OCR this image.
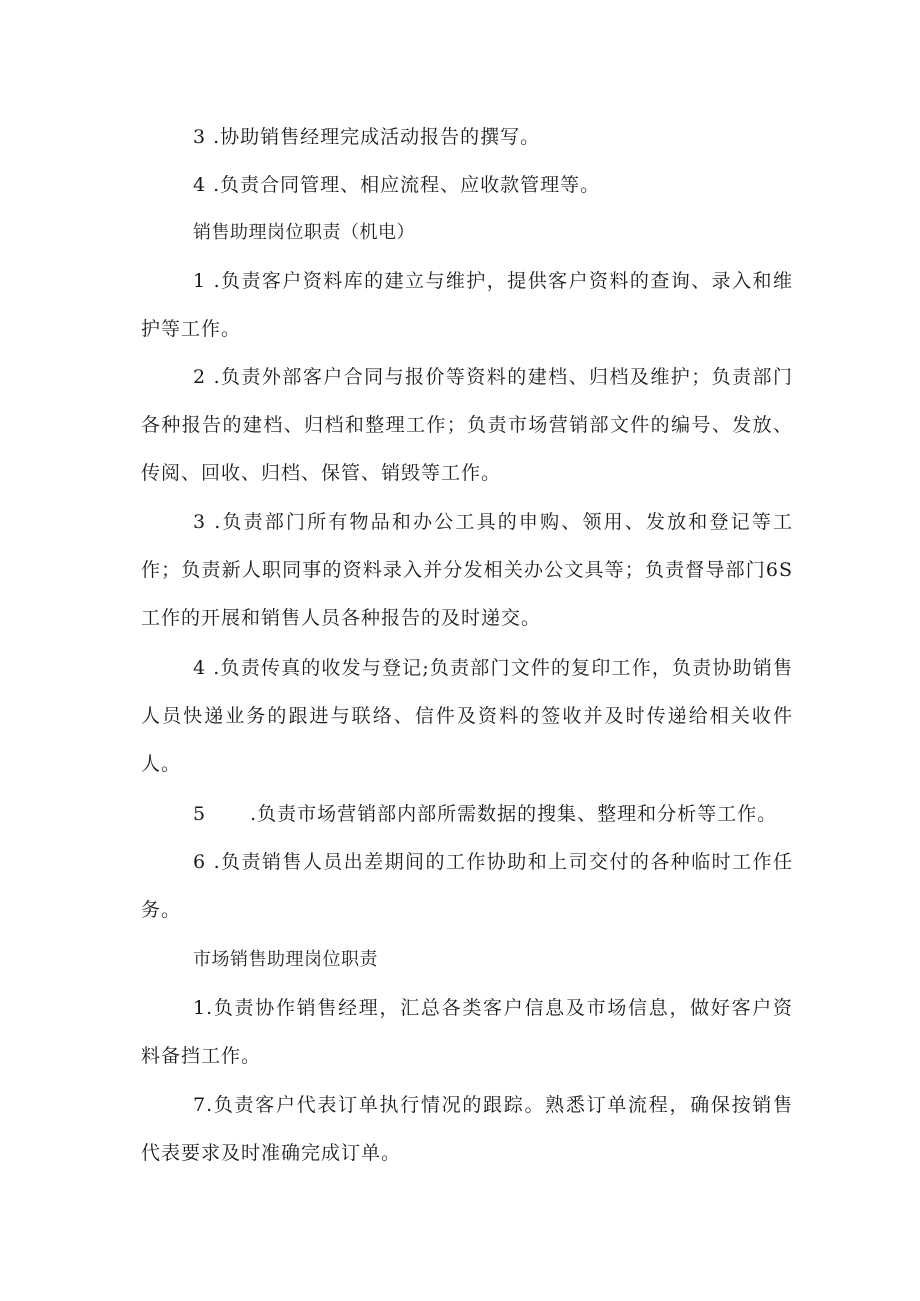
3 .协助销售经理完成活动报告的撰写。

4 .负责合同管理、相应流程、应收款管理等。

销售助理岗位职责（机电）

1 .负责客户资料库的建立与维护，提供客户资料的查询、录入和维护等工作。

2 .负责外部客户合同与报价等资料的建档、归档及维护；负责部门各种报告的建档、归档和整理工作；负责市场营销部文件的编号、发放、传阅、回收、归档、保管、销毁等工作。

3 .负责部门所有物品和办公工具的申购、领用、发放和登记等工作；负责新人职同事的资料录入并分发相关办公文具等；负责督导部门6S工作的开展和销售人员各种报告的及时递交。

4 .负责传真的收发与登记;负责部门文件的复印工作，负责协助销售人员快递业务的跟进与联络、信件及资料的签收并及时传递给相关收件人。

5 .负责市场营销部内部所需数据的搜集、整理和分析等工作。

6 .负责销售人员出差期间的工作协助和上司交付的各种临时工作任务。

市场销售助理岗位职责

1.负责协作销售经理，汇总各类客户信息及市场信息，做好客户资料备挡工作。

7.负责客户代表订单执行情况的跟踪。熟悉订单流程，确保按销售代表要求及时准确完成订单。
